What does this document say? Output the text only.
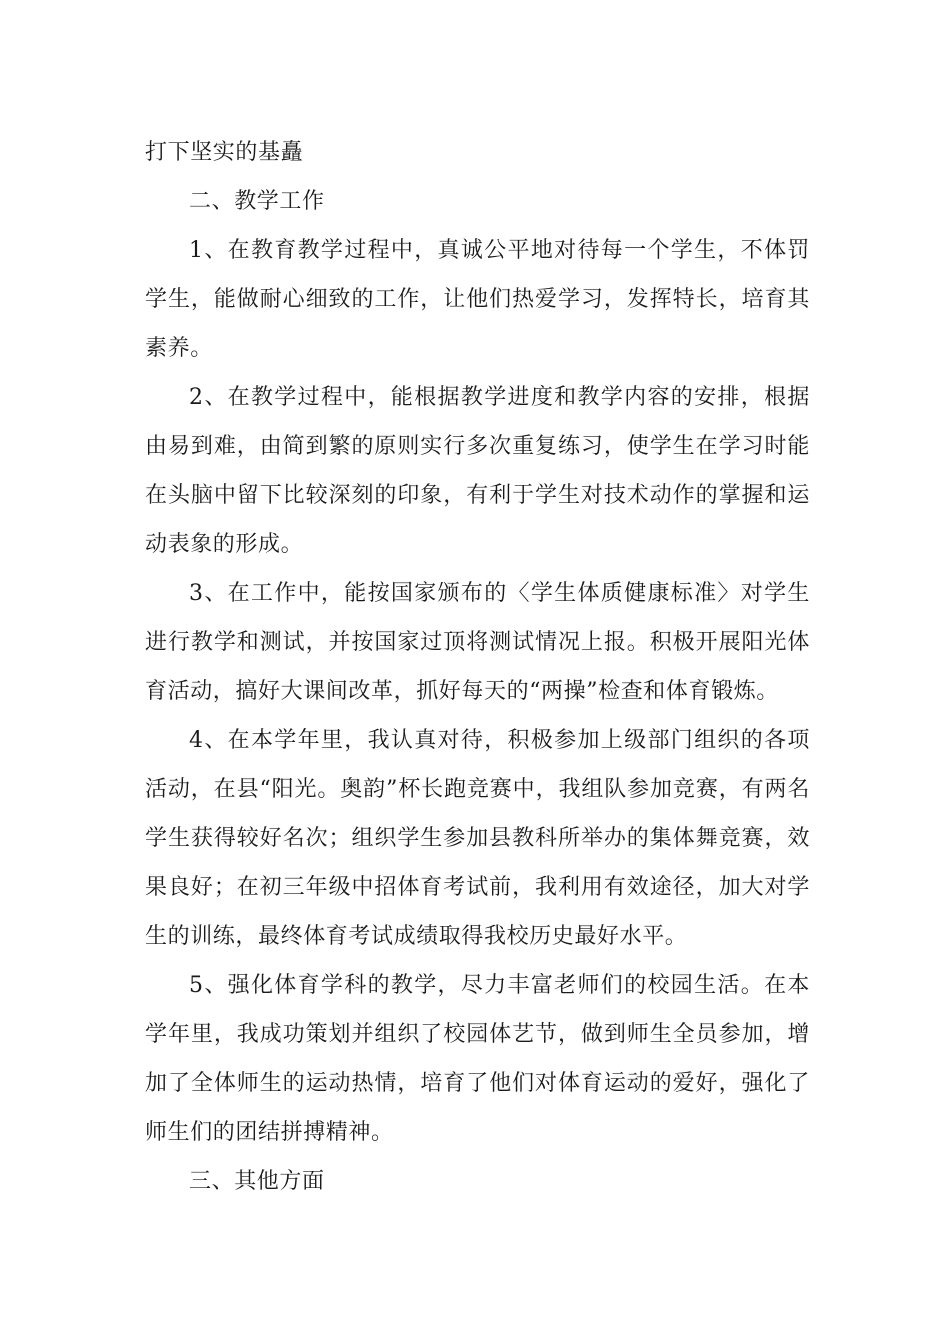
打下坚实的基矗

二、教学工作

1、在教育教学过程中，真诚公平地对待每一个学生，不体罚学生，能做耐心细致的工作，让他们热爱学习，发挥特长，培育其素养。

2、在教学过程中，能根据教学进度和教学内容的安排，根据由易到难，由简到繁的原则实行多次重复练习，使学生在学习时能在头脑中留下比较深刻的印象，有利于学生对技术动作的掌握和运动表象的形成。

3、在工作中，能按国家颁布的〈学生体质健康标准〉对学生进行教学和测试，并按国家过顶将测试情况上报。积极开展阳光体育活动，搞好大课间改革，抓好每天的“两操”检查和体育锻炼。

4、在本学年里，我认真对待，积极参加上级部门组织的各项活动，在县“阳光。奥韵”杯长跑竞赛中，我组队参加竞赛，有两名学生获得较好名次；组织学生参加县教科所举办的集体舞竞赛，效果良好；在初三年级中招体育考试前，我利用有效途径，加大对学生的训练，最终体育考试成绩取得我校历史最好水平。

5、强化体育学科的教学，尽力丰富老师们的校园生活。在本学年里，我成功策划并组织了校园体艺节，做到师生全员参加，增加了全体师生的运动热情，培育了他们对体育运动的爱好，强化了师生们的团结拼搏精神。

三、其他方面
